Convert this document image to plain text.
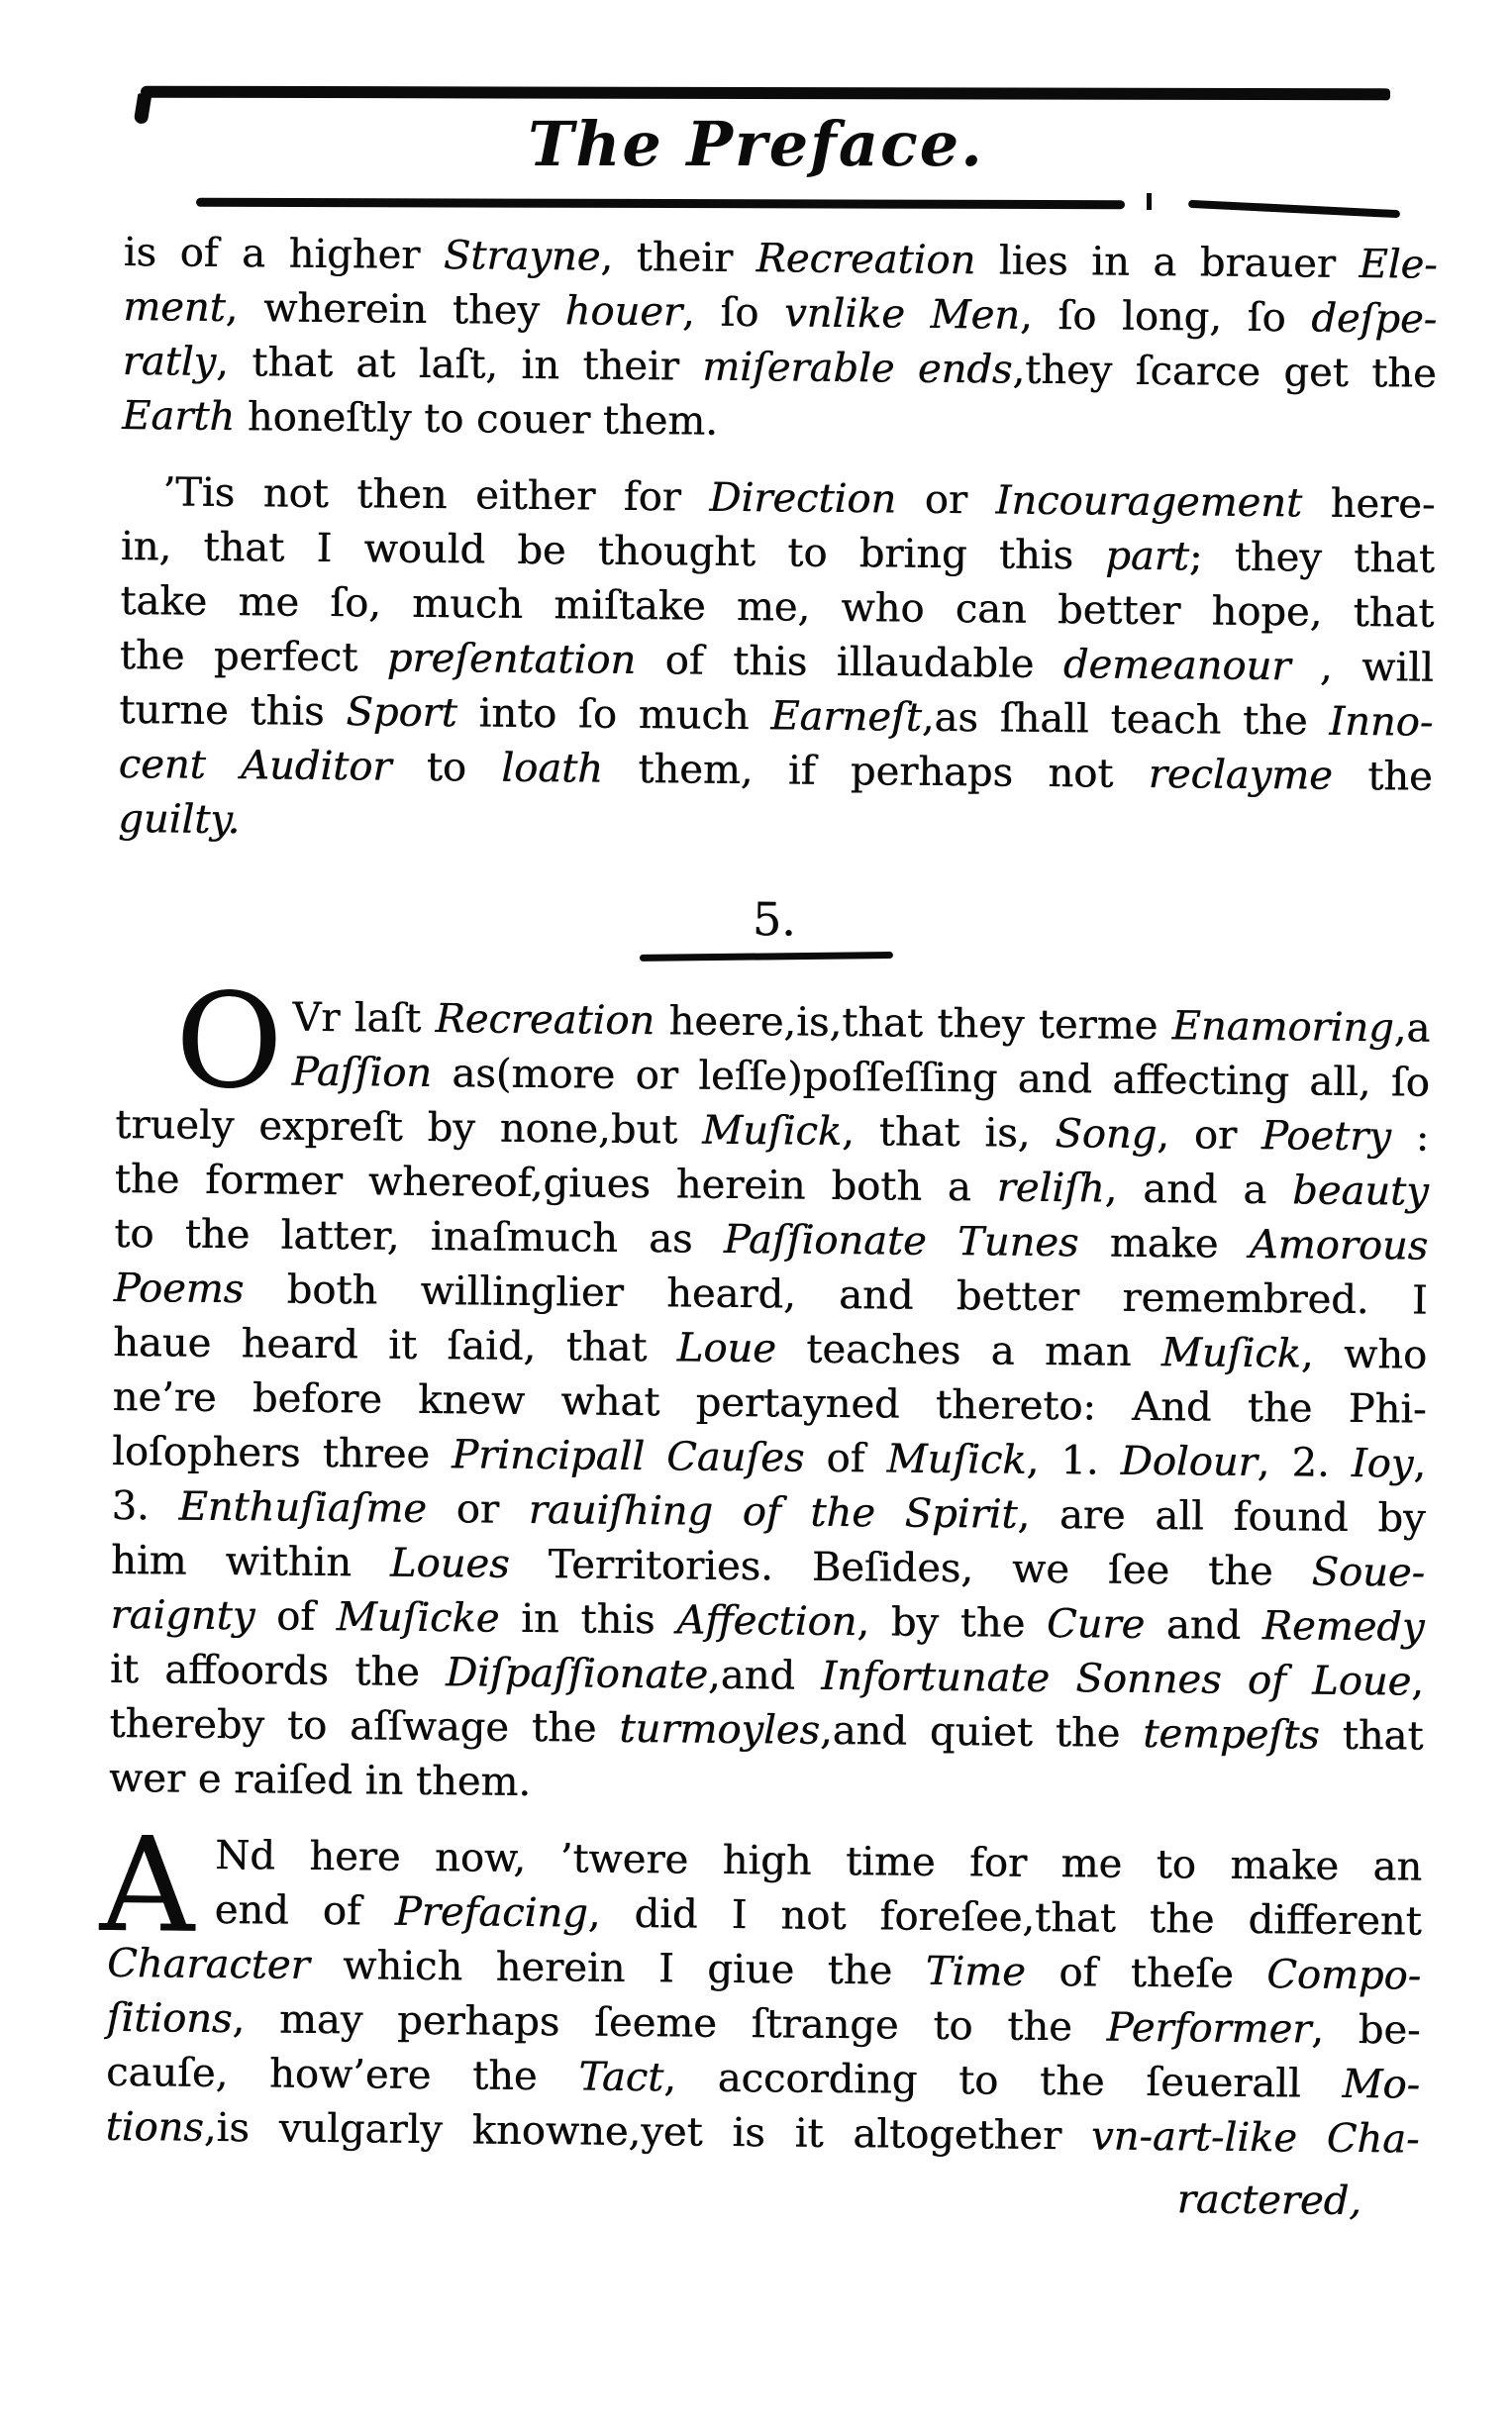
The Preface.
is of a higher Strayne, their Recreation lies in a brauer Ele-
ment, wherein they houer, ſo vnlike Men, ſo long, ſo deſpe-
ratly, that at laſt, in their miſerable ends,they ſcarce get the
Earth honeſtly to couer them.
’Tis not then either for Direction or Incouragement here-
in, that I would be thought to bring this part; they that
take me ſo, much miſtake me, who can better hope, that
the perfect preſentation of this illaudable demeanour , will
turne this Sport into ſo much Earneſt,as ſhall teach the Inno-
cent Auditor to loath them, if perhaps not reclayme the
guilty.
5.
O Vr laſt Recreation heere,is,that they terme Enamoring,a
Paſſion as(more or leſſe)poſſeſſing and affecting all, ſo
truely expreſt by none,but Muſick, that is, Song, or Poetry :
the former whereof,giues herein both a reliſh, and a beauty
to the latter, inaſmuch as Paſſionate Tunes make Amorous
Poems both willinglier heard, and better remembred. I
haue heard it ſaid, that Loue teaches a man Muſick, who
ne’re before knew what pertayned thereto: And the Phi-
loſophers three Principall Cauſes of Muſick, 1. Dolour, 2. Ioy,
3. Enthuſiaſme or rauiſhing of the Spirit, are all found by
him within Loues Territories. Beſides, we ſee the Soue-
raignty of Muſicke in this Affection, by the Cure and Remedy
it affoords the Diſpaſſionate,and Infortunate Sonnes of Loue,
thereby to aſſwage the turmoyles,and quiet the tempeſts that
wer e raiſed in them.
A Nd here now, ’twere high time for me to make an
end of Prefacing, did I not foreſee,that the different
Character which herein I giue the Time of theſe Compo-
ſitions, may perhaps ſeeme ſtrange to the Performer, be-
cauſe, how’ere the Tact, according to the ſeuerall Mo-
tions,is vulgarly knowne,yet is it altogether vn-art-like Cha-
ractered,
